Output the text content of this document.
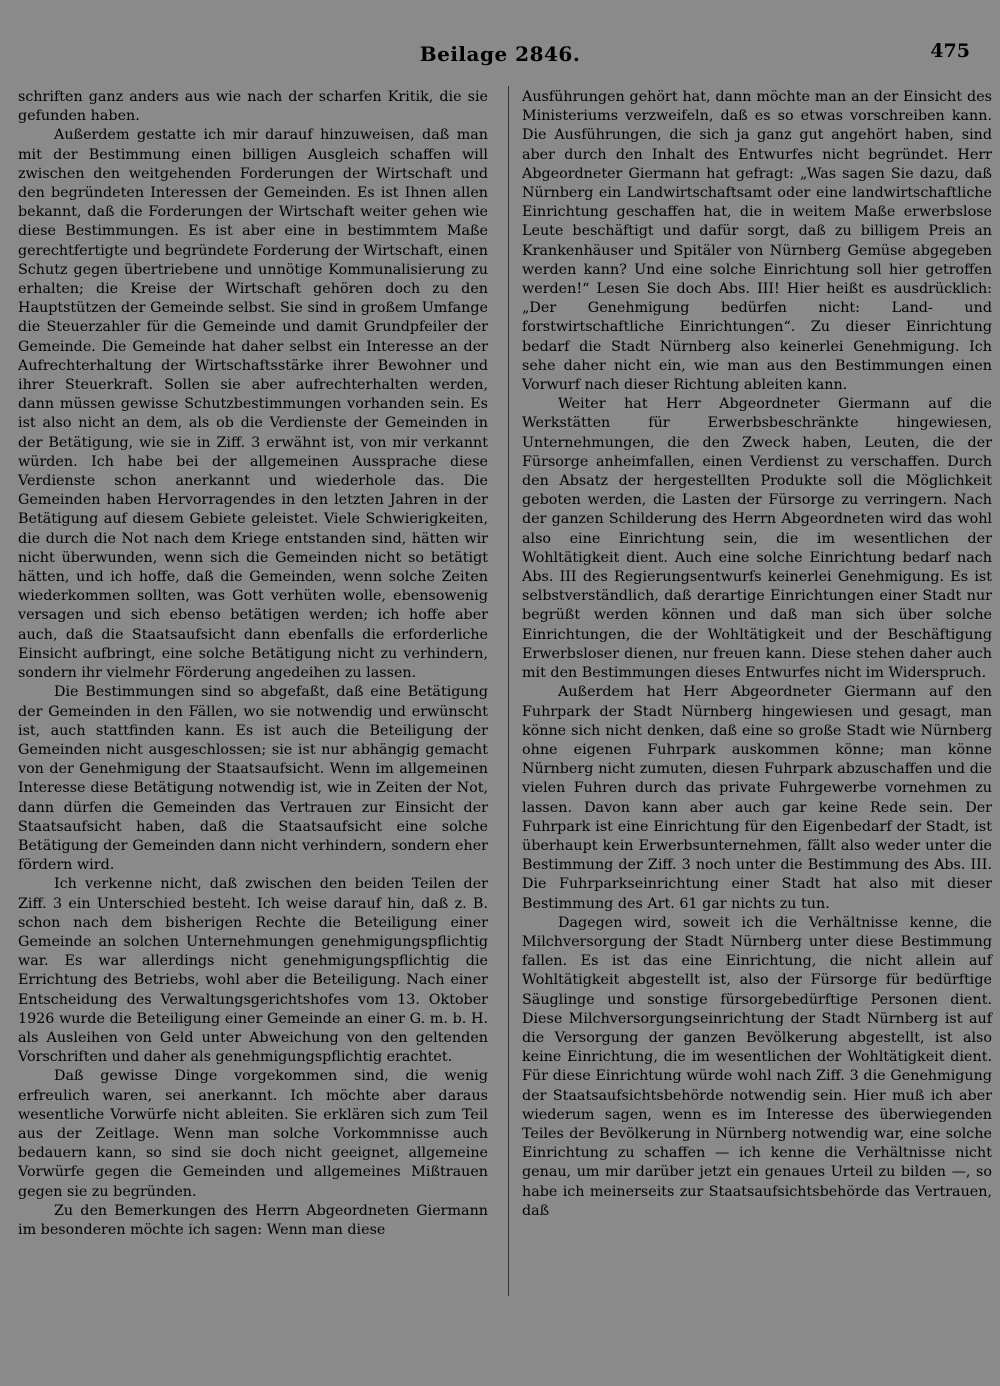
Beilage 2846.	475

schriften ganz anders aus wie nach der scharfen Kritik, die sie gefunden haben.

Außerdem gestatte ich mir darauf hinzuweisen, daß man mit der Bestimmung einen billigen Ausgleich schaffen will zwischen den weitgehenden Forderungen der Wirtschaft und den begründeten Interessen der Gemeinden. Es ist Ihnen allen bekannt, daß die Forderungen der Wirtschaft weiter gehen wie diese Bestimmungen. Es ist aber eine in bestimmtem Maße gerechtfertigte und begründete Forderung der Wirtschaft, einen Schutz gegen übertriebene und unnötige Kommunalisierung zu erhalten; die Kreise der Wirtschaft gehören doch zu den Hauptstützen der Gemeinde selbst. Sie sind in großem Umfange die Steuerzahler für die Gemeinde und damit Grundpfeiler der Gemeinde. Die Gemeinde hat daher selbst ein Interesse an der Aufrechterhaltung der Wirtschaftsstärke ihrer Bewohner und ihrer Steuerkraft. Sollen sie aber aufrechterhalten werden, dann müssen gewisse Schutzbestimmungen vorhanden sein. Es ist also nicht an dem, als ob die Verdienste der Gemeinden in der Betätigung, wie sie in Ziff. 3 erwähnt ist, von mir verkannt würden. Ich habe bei der allgemeinen Aussprache diese Verdienste schon anerkannt und wiederhole das. Die Gemeinden haben Hervorragendes in den letzten Jahren in der Betätigung auf diesem Gebiete geleistet. Viele Schwierigkeiten, die durch die Not nach dem Kriege entstanden sind, hätten wir nicht überwunden, wenn sich die Gemeinden nicht so betätigt hätten, und ich hoffe, daß die Gemeinden, wenn solche Zeiten wiederkommen sollten, was Gott verhüten wolle, ebensowenig versagen und sich ebenso betätigen werden; ich hoffe aber auch, daß die Staatsaufsicht dann ebenfalls die erforderliche Einsicht aufbringt, eine solche Betätigung nicht zu verhindern, sondern ihr vielmehr Förderung angedeihen zu lassen.

Die Bestimmungen sind so abgefaßt, daß eine Betätigung der Gemeinden in den Fällen, wo sie notwendig und erwünscht ist, auch stattfinden kann. Es ist auch die Beteiligung der Gemeinden nicht ausgeschlossen; sie ist nur abhängig gemacht von der Genehmigung der Staatsaufsicht. Wenn im allgemeinen Interesse diese Betätigung notwendig ist, wie in Zeiten der Not, dann dürfen die Gemeinden das Vertrauen zur Einsicht der Staatsaufsicht haben, daß die Staatsaufsicht eine solche Betätigung der Gemeinden dann nicht verhindern, sondern eher fördern wird.

Ich verkenne nicht, daß zwischen den beiden Teilen der Ziff. 3 ein Unterschied besteht. Ich weise darauf hin, daß z. B. schon nach dem bisherigen Rechte die Beteiligung einer Gemeinde an solchen Unternehmungen genehmigungspflichtig war. Es war allerdings nicht genehmigungspflichtig die Errichtung des Betriebs, wohl aber die Beteiligung. Nach einer Entscheidung des Verwaltungsgerichtshofes vom 13. Oktober 1926 wurde die Beteiligung einer Gemeinde an einer G. m. b. H. als Ausleihen von Geld unter Abweichung von den geltenden Vorschriften und daher als genehmigungspflichtig erachtet.

Daß gewisse Dinge vorgekommen sind, die wenig erfreulich waren, sei anerkannt. Ich möchte aber daraus wesentliche Vorwürfe nicht ableiten. Sie erklären sich zum Teil aus der Zeitlage. Wenn man solche Vorkommnisse auch bedauern kann, so sind sie doch nicht geeignet, allgemeine Vorwürfe gegen die Gemeinden und allgemeines Mißtrauen gegen sie zu begründen.

Zu den Bemerkungen des Herrn Abgeordneten Giermann im besonderen möchte ich sagen: Wenn man diese

Ausführungen gehört hat, dann möchte man an der Einsicht des Ministeriums verzweifeln, daß es so etwas vorschreiben kann. Die Ausführungen, die sich ja ganz gut angehört haben, sind aber durch den Inhalt des Entwurfes nicht begründet. Herr Abgeordneter Giermann hat gefragt: „Was sagen Sie dazu, daß Nürnberg ein Landwirtschaftsamt oder eine landwirtschaftliche Einrichtung geschaffen hat, die in weitem Maße erwerbslose Leute beschäftigt und dafür sorgt, daß zu billigem Preis an Krankenhäuser und Spitäler von Nürnberg Gemüse abgegeben werden kann? Und eine solche Einrichtung soll hier getroffen werden!“ Lesen Sie doch Abs. III! Hier heißt es ausdrücklich: „Der Genehmigung bedürfen nicht: Land- und forstwirtschaftliche Einrichtungen“. Zu dieser Einrichtung bedarf die Stadt Nürnberg also keinerlei Genehmigung. Ich sehe daher nicht ein, wie man aus den Bestimmungen einen Vorwurf nach dieser Richtung ableiten kann.

Weiter hat Herr Abgeordneter Giermann auf die Werkstätten für Erwerbsbeschränkte hingewiesen, Unternehmungen, die den Zweck haben, Leuten, die der Fürsorge anheimfallen, einen Verdienst zu verschaffen. Durch den Absatz der hergestellten Produkte soll die Möglichkeit geboten werden, die Lasten der Fürsorge zu verringern. Nach der ganzen Schilderung des Herrn Abgeordneten wird das wohl also eine Einrichtung sein, die im wesentlichen der Wohltätigkeit dient. Auch eine solche Einrichtung bedarf nach Abs. III des Regierungsentwurfs keinerlei Genehmigung. Es ist selbstverständlich, daß derartige Einrichtungen einer Stadt nur begrüßt werden können und daß man sich über solche Einrichtungen, die der Wohltätigkeit und der Beschäftigung Erwerbsloser dienen, nur freuen kann. Diese stehen daher auch mit den Bestimmungen dieses Entwurfes nicht im Widerspruch.

Außerdem hat Herr Abgeordneter Giermann auf den Fuhrpark der Stadt Nürnberg hingewiesen und gesagt, man könne sich nicht denken, daß eine so große Stadt wie Nürnberg ohne eigenen Fuhrpark auskommen könne; man könne Nürnberg nicht zumuten, diesen Fuhrpark abzuschaffen und die vielen Fuhren durch das private Fuhrgewerbe vornehmen zu lassen. Davon kann aber auch gar keine Rede sein. Der Fuhrpark ist eine Einrichtung für den Eigenbedarf der Stadt, ist überhaupt kein Erwerbsunternehmen, fällt also weder unter die Bestimmung der Ziff. 3 noch unter die Bestimmung des Abs. III. Die Fuhrparkseinrichtung einer Stadt hat also mit dieser Bestimmung des Art. 61 gar nichts zu tun.

Dagegen wird, soweit ich die Verhältnisse kenne, die Milchversorgung der Stadt Nürnberg unter diese Bestimmung fallen. Es ist das eine Einrichtung, die nicht allein auf Wohltätigkeit abgestellt ist, also der Fürsorge für bedürftige Säuglinge und sonstige fürsorgebedürftige Personen dient. Diese Milchversorgungseinrichtung der Stadt Nürnberg ist auf die Versorgung der ganzen Bevölkerung abgestellt, ist also keine Einrichtung, die im wesentlichen der Wohltätigkeit dient. Für diese Einrichtung würde wohl nach Ziff. 3 die Genehmigung der Staatsaufsichtsbehörde notwendig sein. Hier muß ich aber wiederum sagen, wenn es im Interesse des überwiegenden Teiles der Bevölkerung in Nürnberg notwendig war, eine solche Einrichtung zu schaffen — ich kenne die Verhältnisse nicht genau, um mir darüber jetzt ein genaues Urteil zu bilden —, so habe ich meinerseits zur Staatsaufsichtsbehörde das Vertrauen, daß
